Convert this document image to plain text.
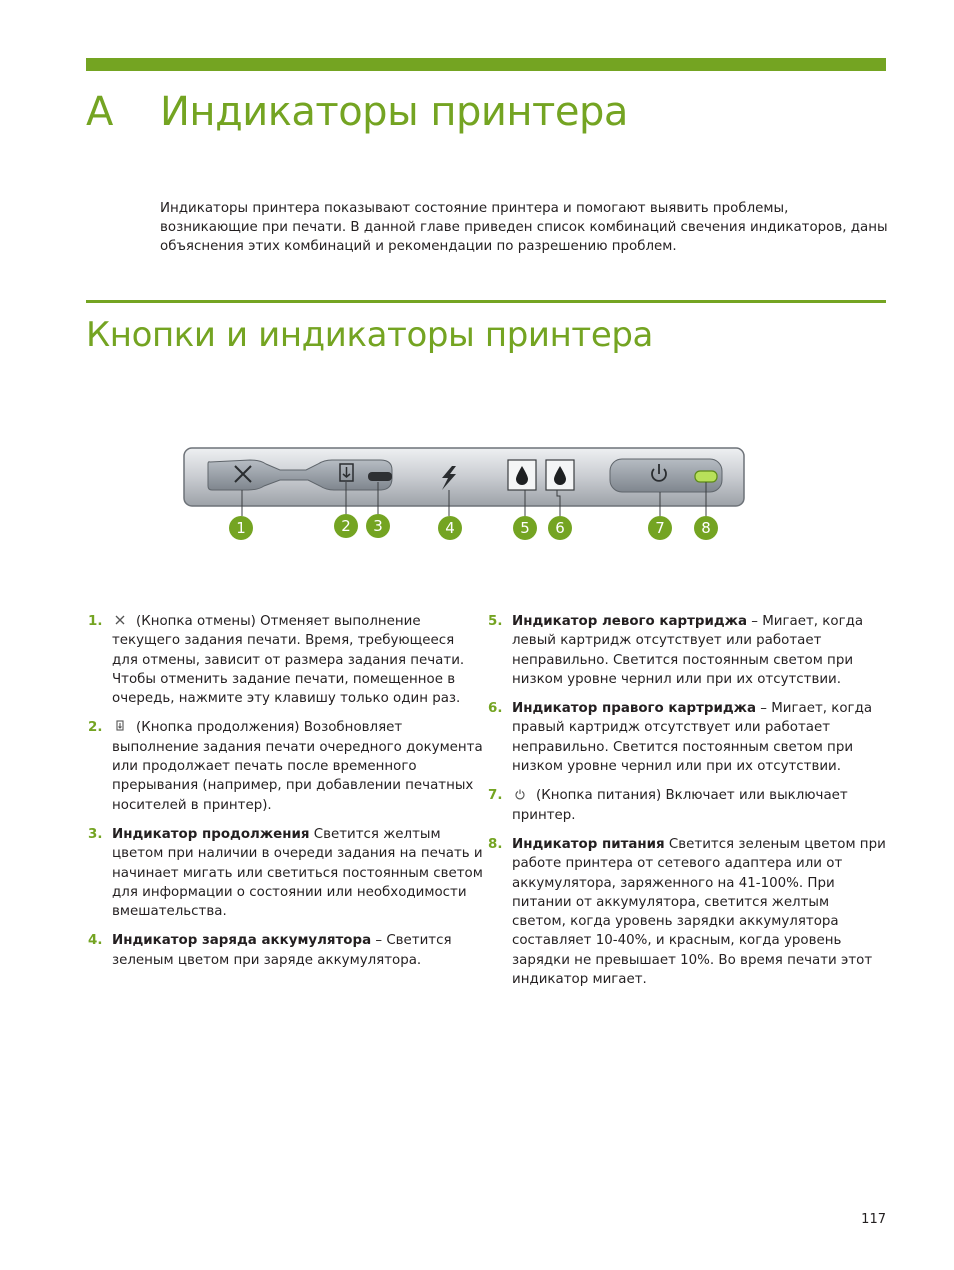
A Индикаторы принтера

Индикаторы принтера показывают состояние принтера и помогают выявить проблемы, возникающие при печати. В данной главе приведен список комбинаций свечения индикаторов, даны объяснения этих комбинаций и рекомендации по разрешению проблем.

Кнопки и индикаторы принтера
1	2	3	4	5	6	7	8
1.	(Кнопка отмены) Отменяет выполнение текущего задания печати. Время, требующееся для отмены, зависит от размера задания печати. Чтобы отменить задание печати, помещенное в очередь, нажмите эту клавишу только один раз.
2.	(Кнопка продолжения) Возобновляет выполнение задания печати очередного документа или продолжает печать после временного прерывания (например, при добавлении печатных носителей в принтер).
3. Индикатор продолжения Светится желтым цветом при наличии в очереди задания на печать и начинает мигать или светиться постоянным светом для информации о состоянии или необходимости вмешательства.
4. Индикатор заряда аккумулятора – Светится зеленым цветом при заряде аккумулятора.
5. Индикатор левого картриджа – Мигает, когда левый картридж отсутствует или работает неправильно. Светится постоянным светом при низком уровне чернил или при их отсутствии.
6. Индикатор правого картриджа – Мигает, когда правый картридж отсутствует или работает неправильно. Светится постоянным светом при низком уровне чернил или при их отсутствии.
7.	(Кнопка питания) Включает или выключает принтер.
8. Индикатор питания Светится зеленым цветом при работе принтера от сетевого адаптера или от аккумулятора, заряженного на 41-100%. При питании от аккумулятора, светится желтым светом, когда уровень зарядки аккумулятора составляет 10-40%, и красным, когда уровень зарядки не превышает 10%. Во время печати этот индикатор мигает.
117
